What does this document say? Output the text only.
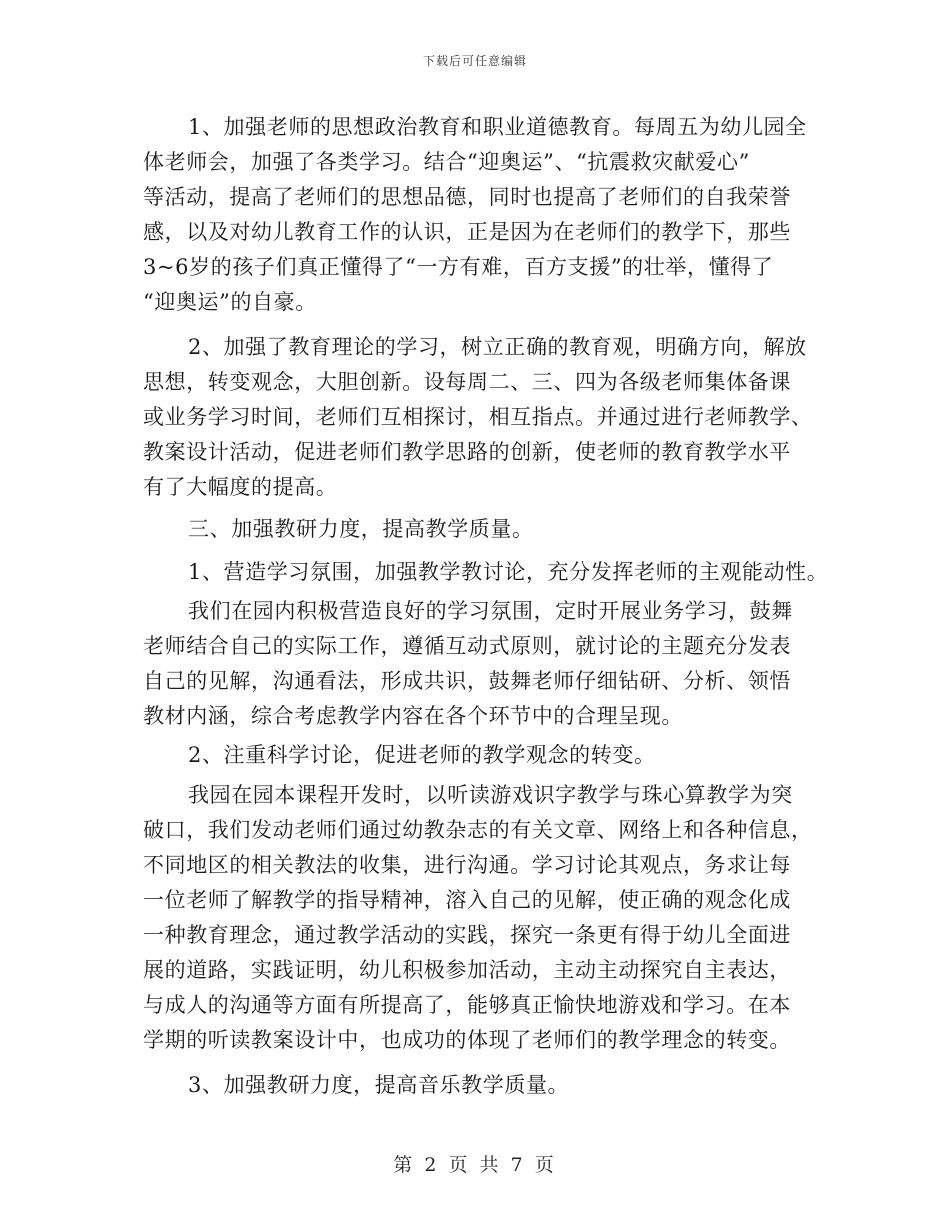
下载后可任意编辑
1、加强老师的思想政治教育和职业道德教育。每周五为幼儿园全
体老师会，加强了各类学习。结合“迎奥运”、“抗震救灾献爱心”
等活动，提高了老师们的思想品德，同时也提高了老师们的自我荣誉
感，以及对幼儿教育工作的认识，正是因为在老师们的教学下，那些
3~6岁的孩子们真正懂得了“一方有难，百方支援”的壮举，懂得了
“迎奥运”的自豪。
2、加强了教育理论的学习，树立正确的教育观，明确方向，解放
思想，转变观念，大胆创新。设每周二、三、四为各级老师集体备课
或业务学习时间，老师们互相探讨，相互指点。并通过进行老师教学、
教案设计活动，促进老师们教学思路的创新，使老师的教育教学水平
有了大幅度的提高。
三、加强教研力度，提高教学质量。
1、营造学习氛围，加强教学教讨论，充分发挥老师的主观能动性。
我们在园内积极营造良好的学习氛围，定时开展业务学习，鼓舞
老师结合自己的实际工作，遵循互动式原则，就讨论的主题充分发表
自己的见解，沟通看法，形成共识，鼓舞老师仔细钻研、分析、领悟
教材内涵，综合考虑教学内容在各个环节中的合理呈现。
2、注重科学讨论，促进老师的教学观念的转变。
我园在园本课程开发时，以听读游戏识字教学与珠心算教学为突
破口，我们发动老师们通过幼教杂志的有关文章、网络上和各种信息，
不同地区的相关教法的收集，进行沟通。学习讨论其观点，务求让每
一位老师了解教学的指导精神，溶入自己的见解，使正确的观念化成
一种教育理念，通过教学活动的实践，探究一条更有得于幼儿全面进
展的道路，实践证明，幼儿积极参加活动，主动主动探究自主表达，
与成人的沟通等方面有所提高了，能够真正愉快地游戏和学习。在本
学期的听读教案设计中，也成功的体现了老师们的教学理念的转变。
3、加强教研力度，提高音乐教学质量。
第 2 页 共 7 页
